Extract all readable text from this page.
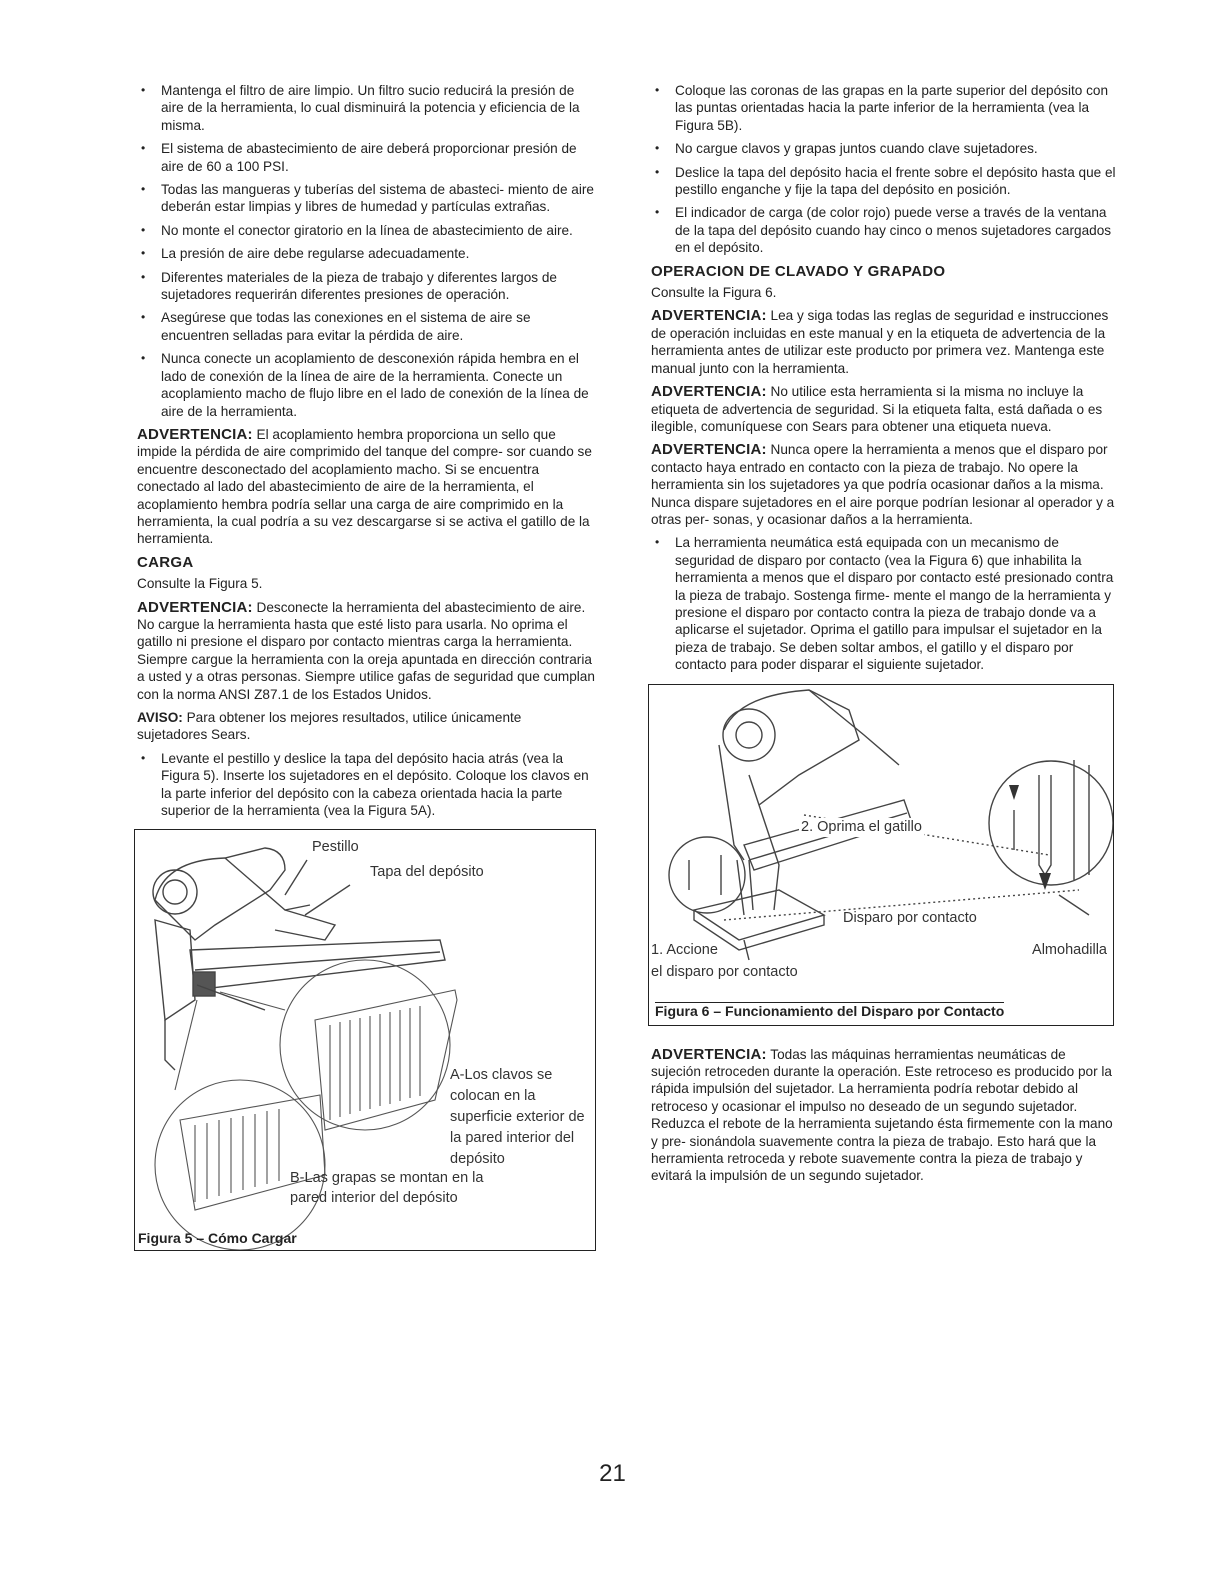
• Mantenga el filtro de aire limpio. Un filtro sucio reducirá la presión de aire de la herramienta, lo cual disminuirá la potencia y eficiencia de la misma.
• El sistema de abastecimiento de aire deberá proporcionar presión de aire de 60 a 100 PSI.
• Todas las mangueras y tuberías del sistema de abasteci- miento de aire deberán estar limpias y libres de humedad y partículas extrañas.
• No monte el conector giratorio en la línea de abastecimiento de aire.
• La presión de aire debe regularse adecuadamente.
• Diferentes materiales de la pieza de trabajo y diferentes largos de sujetadores requerirán diferentes presiones de operación.
• Asegúrese que todas las conexiones en el sistema de aire se encuentren selladas para evitar la pérdida de aire.
• Nunca conecte un acoplamiento de desconexión rápida hembra en el lado de conexión de la línea de aire de la herramienta. Conecte un acoplamiento macho de flujo libre en el lado de conexión de la línea de aire de la herramienta.

ADVERTENCIA: El acoplamiento hembra proporciona un sello que impide la pérdida de aire comprimido del tanque del compre- sor cuando se encuentre desconectado del acoplamiento macho. Si se encuentra conectado al lado del abastecimiento de aire de la herramienta, el acoplamiento hembra podría sellar una carga de aire comprimido en la herramienta, la cual podría a su vez descargarse si se activa el gatillo de la herramienta.

CARGA

Consulte la Figura 5.

ADVERTENCIA: Desconecte la herramienta del abastecimiento de aire. No cargue la herramienta hasta que esté listo para usarla. No oprima el gatillo ni presione el disparo por contacto mientras carga la herramienta. Siempre cargue la herramienta con la oreja apuntada en dirección contraria a usted y a otras personas. Siempre utilice gafas de seguridad que cumplan con la norma ANSI Z87.1 de los Estados Unidos.

AVISO: Para obtener los mejores resultados, utilice únicamente sujetadores Sears.

• Levante el pestillo y deslice la tapa del depósito hacia atrás (vea la Figura 5). Inserte los sujetadores en el depósito. Coloque los clavos en la parte inferior del depósito con la cabeza orientada hacia la parte superior de la herramienta (vea la Figura 5A).
Pestillo
Tapa del depósito
A-Los clavos se colocan en la superficie exterior de la pared interior del depósito
B-Las grapas se montan en la pared interior del depósito
Figura 5 – Cómo Cargar
• Coloque las coronas de las grapas en la parte superior del depósito con las puntas orientadas hacia la parte inferior de la herramienta (vea la Figura 5B).
• No cargue clavos y grapas juntos cuando clave sujetadores.
• Deslice la tapa del depósito hacia el frente sobre el depósito hasta que el pestillo enganche y fije la tapa del depósito en posición.
• El indicador de carga (de color rojo) puede verse a través de la ventana de la tapa del depósito cuando hay cinco o menos sujetadores cargados en el depósito.
OPERACION DE CLAVADO Y GRAPADO

Consulte la Figura 6.

ADVERTENCIA: Lea y siga todas las reglas de seguridad e instrucciones de operación incluidas en este manual y en la etiqueta de advertencia de la herramienta antes de utilizar este producto por primera vez. Mantenga este manual junto con la herramienta.

ADVERTENCIA: No utilice esta herramienta si la misma no incluye la etiqueta de advertencia de seguridad. Si la etiqueta falta, está dañada o es ilegible, comuníquese con Sears para obtener una etiqueta nueva.

ADVERTENCIA: Nunca opere la herramienta a menos que el disparo por contacto haya entrado en contacto con la pieza de trabajo. No opere la herramienta sin los sujetadores ya que podría ocasionar daños a la misma. Nunca dispare sujetadores en el aire porque podrían lesionar al operador y a otras per- sonas, y ocasionar daños a la herramienta.

• La herramienta neumática está equipada con un mecanismo de seguridad de disparo por contacto (vea la Figura 6) que inhabilita la herramienta a menos que el disparo por contacto esté presionado contra la pieza de trabajo. Sostenga firme- mente el mango de la herramienta y presione el disparo por contacto contra la pieza de trabajo donde va a aplicarse el sujetador. Oprima el gatillo para impulsar el sujetador en la pieza de trabajo. Se deben soltar ambos, el gatillo y el disparo por contacto para poder disparar el siguiente sujetador.
2. Oprima el gatillo
Disparo por contacto
1. Accione
el disparo por contacto
Almohadilla
Figura 6 – Funcionamiento del Disparo por Contacto

ADVERTENCIA: Todas las máquinas herramientas neumáticas de sujeción retroceden durante la operación. Este retroceso es producido por la rápida impulsión del sujetador. La herramienta podría rebotar debido al retroceso y ocasionar el impulso no deseado de un segundo sujetador. Reduzca el rebote de la herramienta sujetando ésta firmemente con la mano y pre- sionándola suavemente contra la pieza de trabajo. Esto hará que la herramienta retroceda y rebote suavemente contra la pieza de trabajo y evitará la impulsión de un segundo sujetador.

21
